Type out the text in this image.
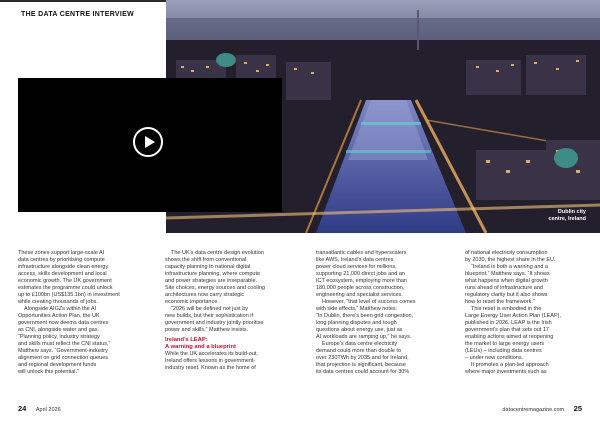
THE DATA CENTRE INTERVIEW
Dublin city
centre, Ireland

These zones support large-scale AI

data centres by prioritising compute

infrastructure alongside clean energy

access, skills development and local

economic growth. The UK government

estimates the programme could unlock

up to £100bn (US$135.1bn) in investment

while creating thousands of jobs.

Alongside AIGZs within the AI

Opportunities Action Plan, the UK

government now deems data centres

as CNI, alongside water and gas.

“Planning policy, industry strategy

and skills must reflect the CNI status,”

Matthew says. “Government-industry

alignment on grid connection queues

and regional development funds

will unlock this potential.”

The UK’s data centre design evolution

shows the shift from conventional

capacity planning to national digital

infrastructure planning, where compute

and power strategies are inseparable.

Site choices, energy sources and cooling

architectures now carry strategic

economic importance.

“2026 will be defined not just by

new builds, but their sophistication if

government and industry jointly prioritise

power and skills,” Matthew insists.

Ireland’s LEAP:
A warning and a blueprint

While the UK accelerates its build-out,

Ireland offers lessons in government-

industry reset. Known as the home of

transatlantic cables and hyperscalers

like AWS, Ireland’s data centres

power cloud services for millions,

supporting 21,000 direct jobs and an

ICT ecosystem, employing more than

180,000 people across construction,

engineering and specialist services.

However, “that level of success comes

with side effects,” Matthew notes.

“In Dublin, there’s been grid congestion,

long planning disputes and tough

questions about energy use, just as

AI workloads are ramping up,” he says.

Europe’s data centre electricity

demand could more than double to

over 230TWh by 2035 and for Ireland,

that projection is significant, because

its data centres could account for 30%

of national electricity consumption

by 2030, the highest share in the EU.

“Ireland is both a warning and a

blueprint,” Matthew says. “It shows

what happens when digital growth

runs ahead of infrastructure and

regulatory clarity but it also shows

how to reset the framework.”

This reset is embodied in the

Large Energy User Action Plan (LEAP),

published in 2026. LEAP is the Irish

government’s plan that sets out 17

enabling actions aimed at reopening

the market to large energy users

(LEUs) – including data centres

– under new conditions.

It promotes a plan-led approach

where major investments such as

24 April 2026	datacentremagazine.com 25
